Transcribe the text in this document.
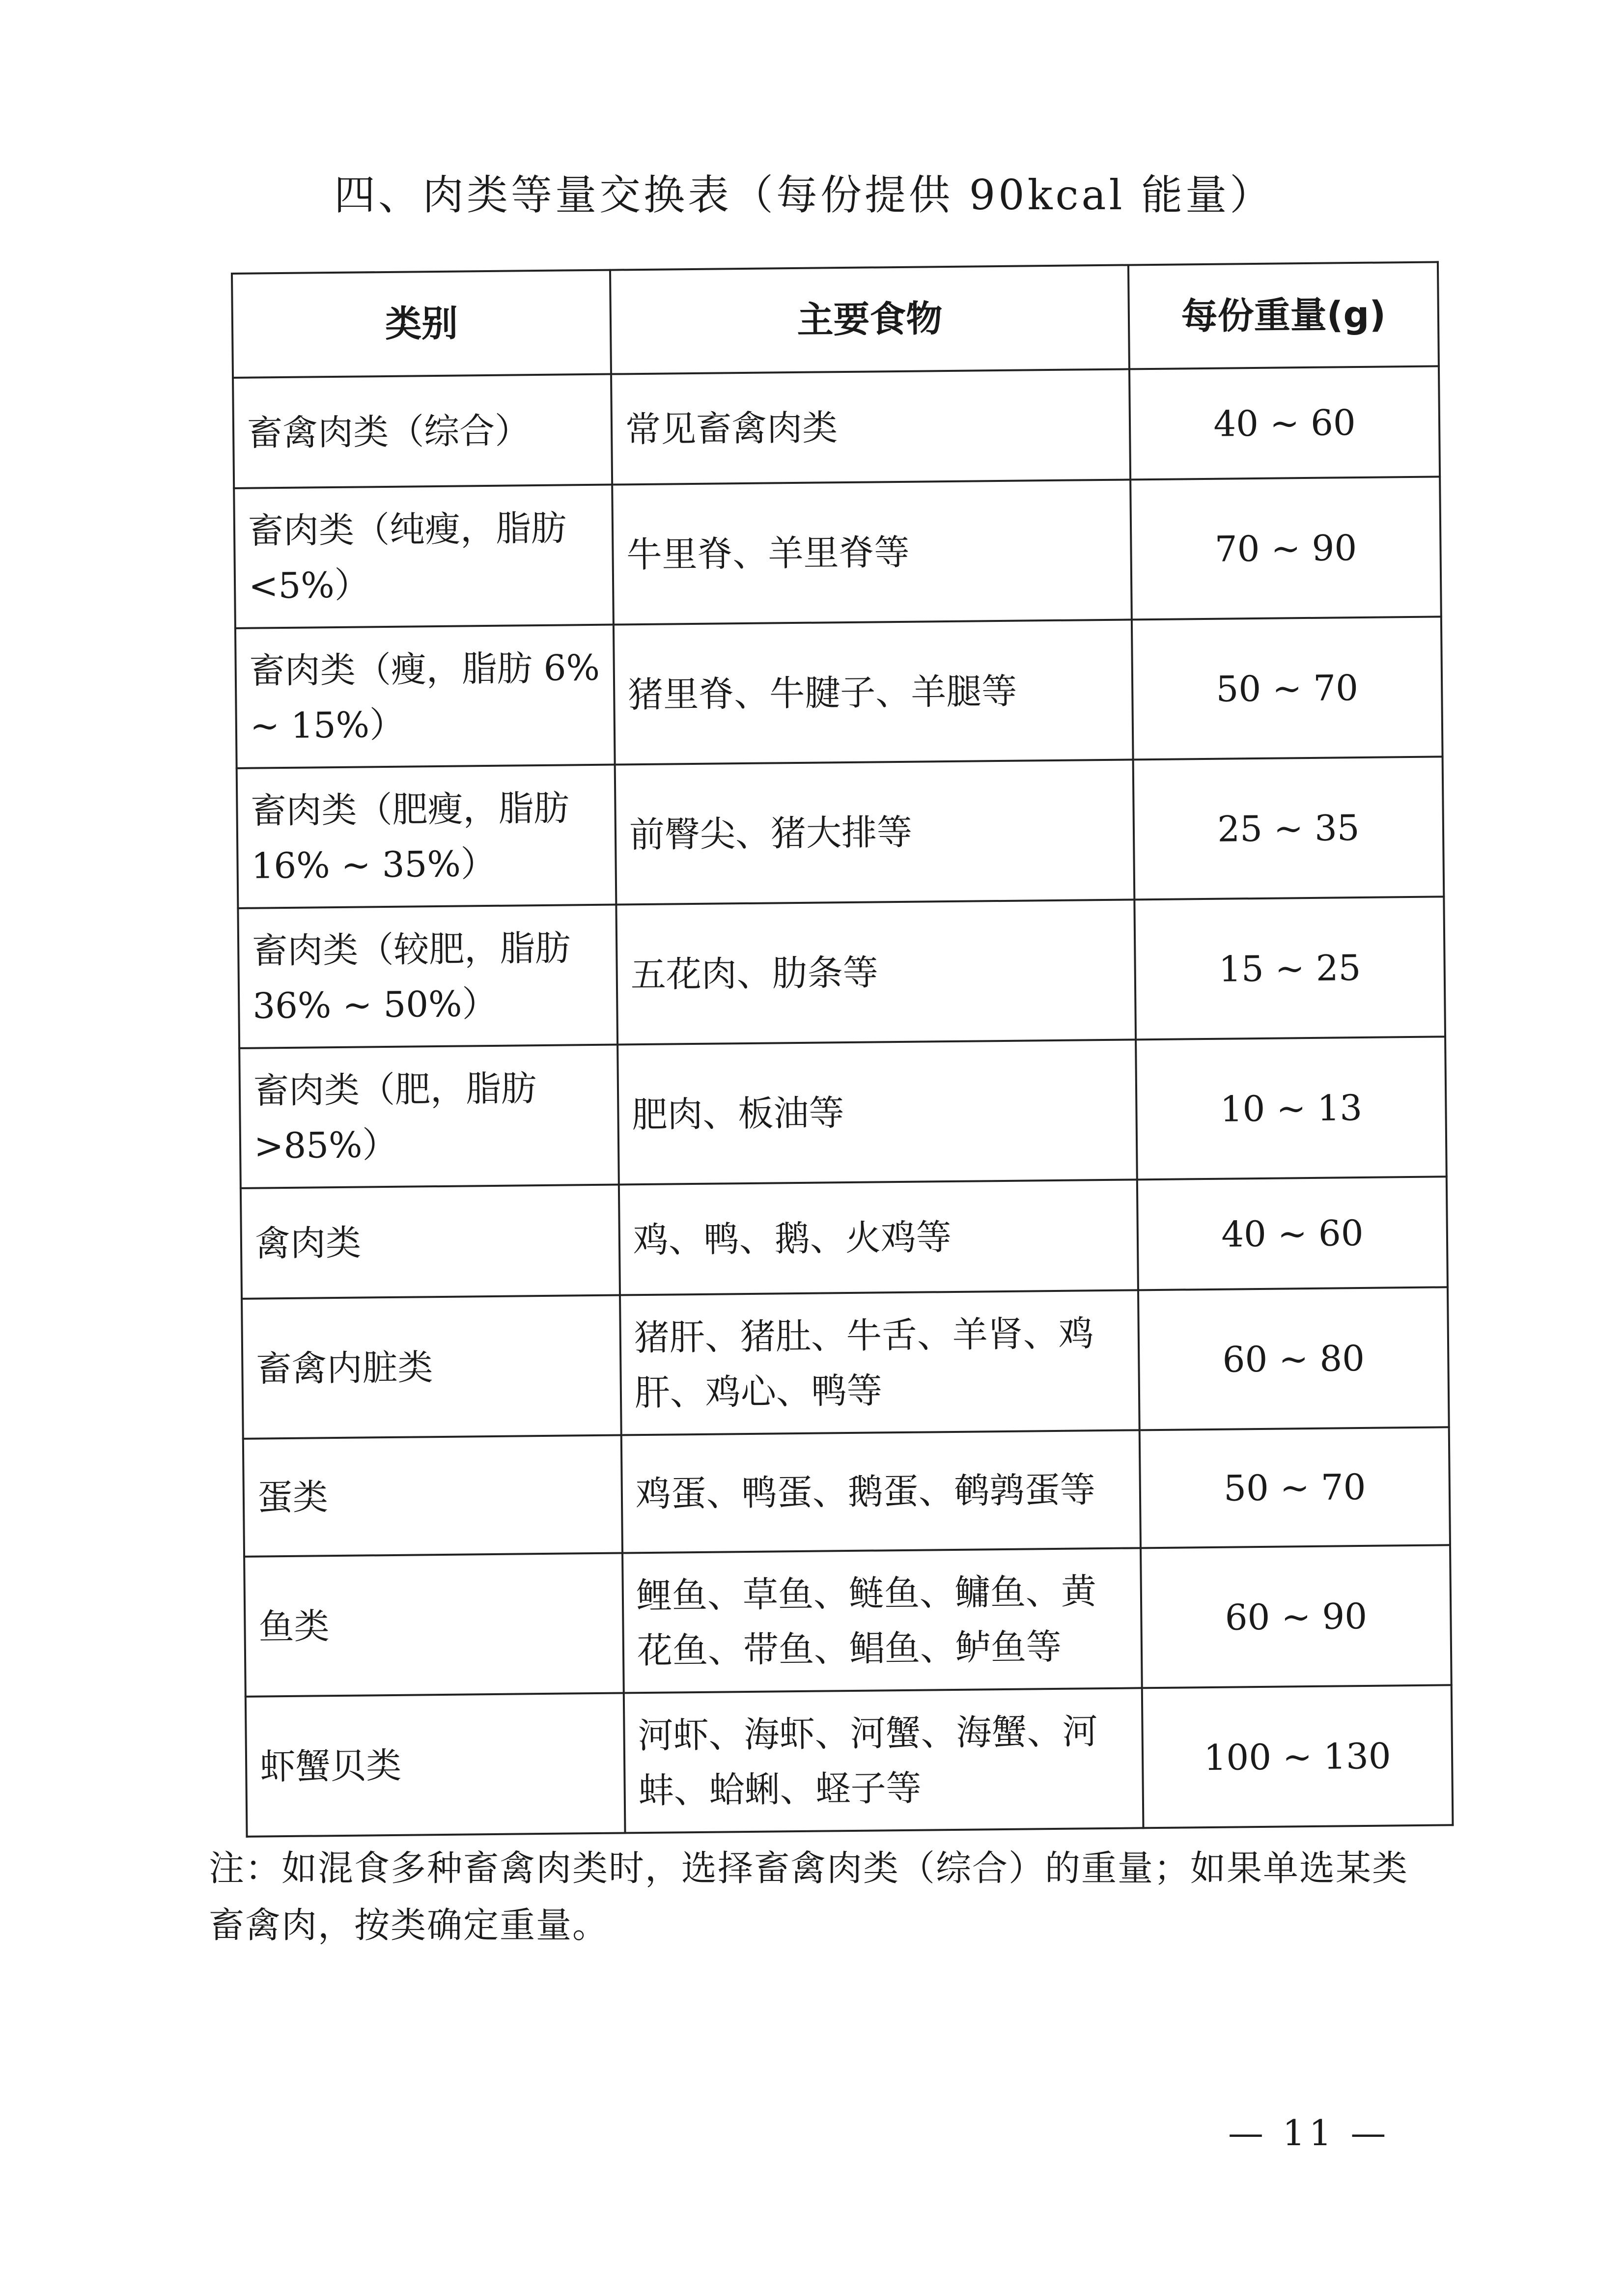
四、肉类等量交换表（每份提供 90kcal 能量）
类别	主要食物	每份重量(g)
畜禽肉类（综合）	常见畜禽肉类	40 ~ 60
畜肉类（纯瘦，脂肪 <5%）	牛里脊、羊里脊等	70 ~ 90
畜肉类（瘦，脂肪 6% ~ 15%）	猪里脊、牛腱子、羊腿等	50 ~ 70
畜肉类（肥瘦，脂肪 16% ~ 35%）	前臀尖、猪大排等	25 ~ 35
畜肉类（较肥，脂肪 36% ~ 50%）	五花肉、肋条等	15 ~ 25
畜肉类（肥，脂肪>85%）	肥肉、板油等	10 ~ 13
禽肉类	鸡、鸭、鹅、火鸡等	40 ~ 60
畜禽内脏类	猪肝、猪肚、牛舌、羊肾、鸡肝、鸡心、鸭等	60 ~ 80
蛋类	鸡蛋、鸭蛋、鹅蛋、鹌鹑蛋等	50 ~ 70
鱼类	鲤鱼、草鱼、鲢鱼、鳙鱼、黄花鱼、带鱼、鲳鱼、鲈鱼等	60 ~ 90
虾蟹贝类	河虾、海虾、河蟹、海蟹、河蚌、蛤蜊、蛏子等	100 ~ 130
注：如混食多种畜禽肉类时，选择畜禽肉类（综合）的重量；如果单选某类畜禽肉，按类确定重量。
— 11 —
